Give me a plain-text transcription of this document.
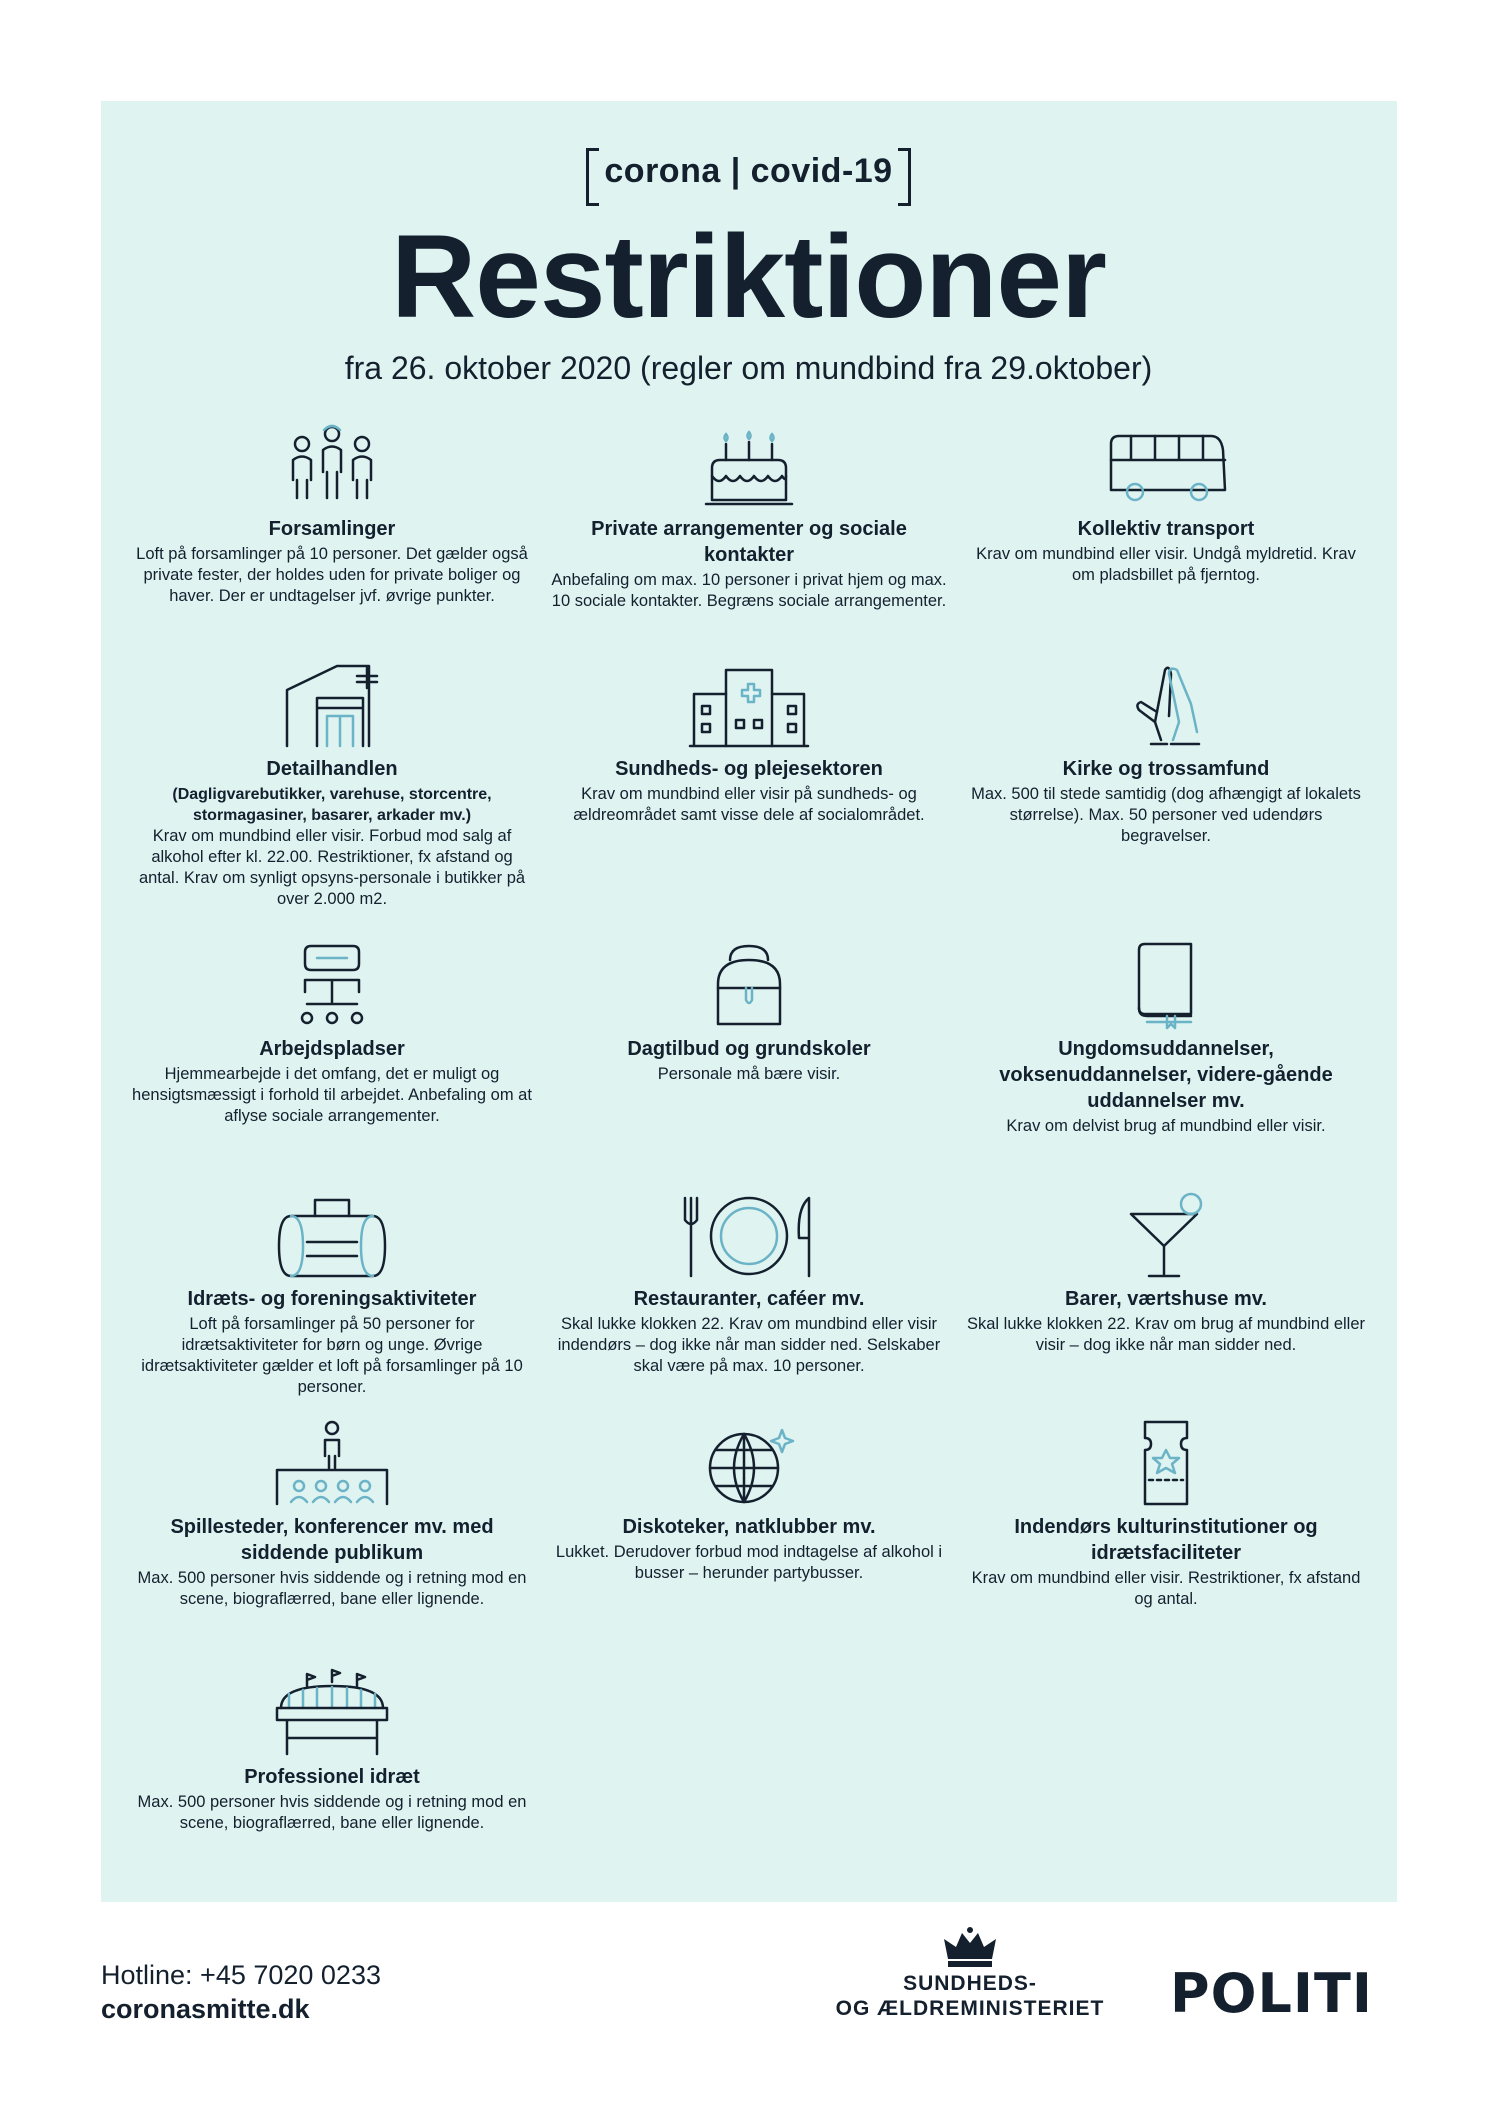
corona | covid-19
Restriktioner
fra 26. oktober 2020 (regler om mundbind fra 29.oktober)
Forsamlinger

Loft på forsamlinger på 10 personer. Det gælder også private fester, der holdes uden for private boliger og haver. Der er undtagelser jvf. øvrige punkter.

Private arrangementer og sociale kontakter

Anbefaling om max. 10 personer i privat hjem og max. 10 sociale kontakter. Begræns sociale arrangementer.

Kollektiv transport

Krav om mundbind eller visir. Undgå myldretid. Krav om pladsbillet på fjerntog.

Detailhandlen
(Dagligvarebutikker, varehuse, storcentre, stormagasiner, basarer, arkader mv.)

Krav om mundbind eller visir. Forbud mod salg af alkohol efter kl. 22.00. Restriktioner, fx afstand og antal. Krav om synligt opsyns-personale i butikker på over 2.000 m2.

Sundheds- og plejesektoren

Krav om mundbind eller visir på sundheds- og ældreområdet samt visse dele af socialområdet.

Kirke og trossamfund

Max. 500 til stede samtidig (dog afhængigt af lokalets størrelse). Max. 50 personer ved udendørs begravelser.

Arbejdspladser

Hjemmearbejde i det omfang, det er muligt og hensigtsmæssigt i forhold til arbejdet. Anbefaling om at aflyse sociale arrangementer.

Dagtilbud og grundskoler

Personale må bære visir.

Ungdomsuddannelser, voksenuddannelser, videre-gående uddannelser mv.

Krav om delvist brug af mundbind eller visir.

Idræts- og foreningsaktiviteter

Loft på forsamlinger på 50 personer for idrætsaktiviteter for børn og unge. Øvrige idrætsaktiviteter gælder et loft på forsamlinger på 10 personer.

Restauranter, caféer mv.

Skal lukke klokken 22. Krav om mundbind eller visir indendørs – dog ikke når man sidder ned. Selskaber skal være på max. 10 personer.

Barer, værtshuse mv.

Skal lukke klokken 22. Krav om brug af mundbind eller visir – dog ikke når man sidder ned.

Spillesteder, konferencer mv. med siddende publikum

Max. 500 personer hvis siddende og i retning mod en scene, biograflærred, bane eller lignende.

Diskoteker, natklubber mv.

Lukket. Derudover forbud mod indtagelse af alkohol i busser – herunder partybusser.

Indendørs kulturinstitutioner og idrætsfaciliteter

Krav om mundbind eller visir. Restriktioner, fx afstand og antal.

Professionel idræt

Max. 500 personer hvis siddende og i retning mod en scene, biograflærred, bane eller lignende.

Hotline: +45 7020 0233
coronasmitte.dk
SUNDHEDS-
OG ÆLDREMINISTERIET POLITI
